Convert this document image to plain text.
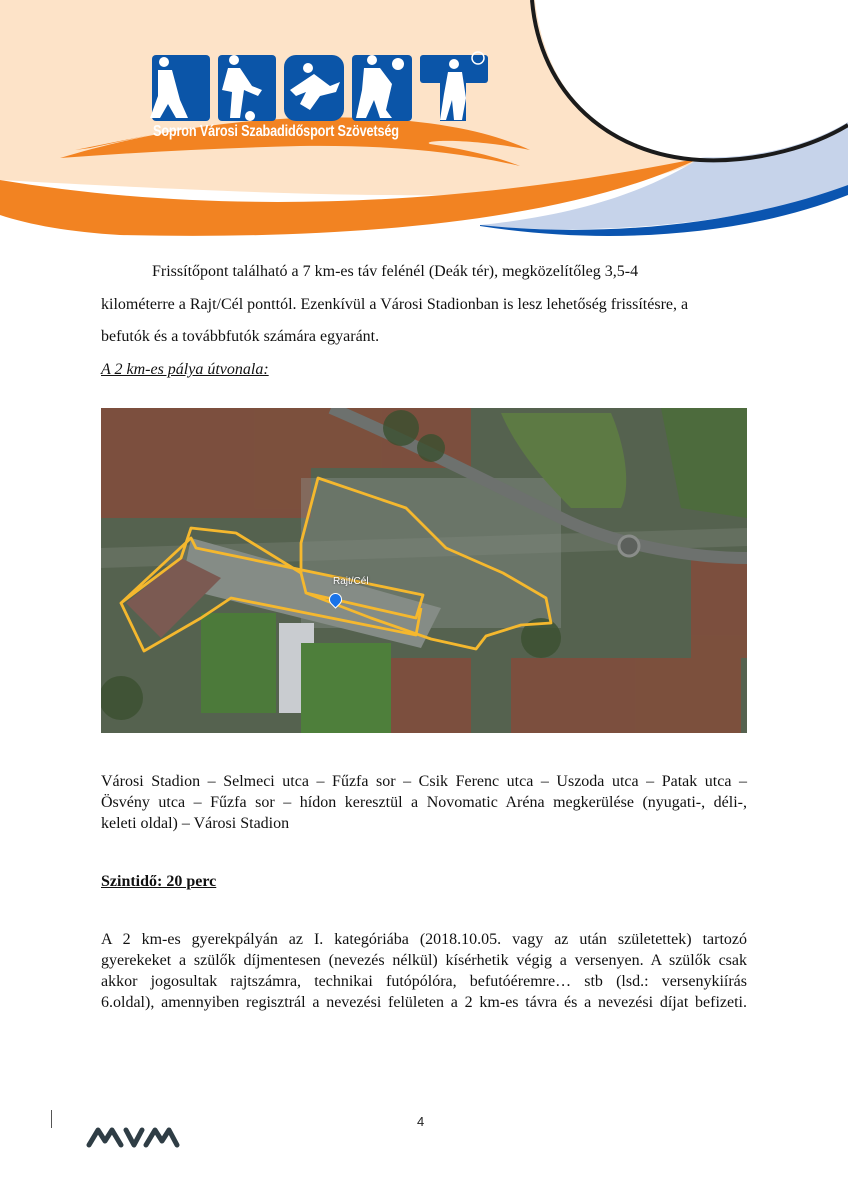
Sopron Városi Szabadidősport Szövetség
Frissítőpont található a 7 km-es táv felénél (Deák tér), megközelítőleg 3,5-4
kilométerre a Rajt/Cél ponttól. Ezenkívül a Városi Stadionban is lesz lehetőség frissítésre, a
befutók és a továbbfutók számára egyaránt.
A 2 km-es pálya útvonala:
Rajt/Cél
Városi Stadion – Selmeci utca – Fűzfa sor – Csik Ferenc utca – Uszoda utca – Patak utca –
Ösvény utca – Fűzfa sor – hídon keresztül a Novomatic Aréna megkerülése (nyugati-, déli-,
keleti oldal) – Városi Stadion
Szintidő: 20 perc
A 2 km-es gyerekpályán az I. kategóriába (2018.10.05. vagy az után születettek) tartozó
gyerekeket a szülők díjmentesen (nevezés nélkül) kísérhetik végig a versenyen. A szülők csak
akkor jogosultak rajtszámra, technikai futópólóra, befutóéremre… stb (lsd.: versenykiírás
6.oldal), amennyiben regisztrál a nevezési felületen a 2 km-es távra és a nevezési díjat befizeti.
4
